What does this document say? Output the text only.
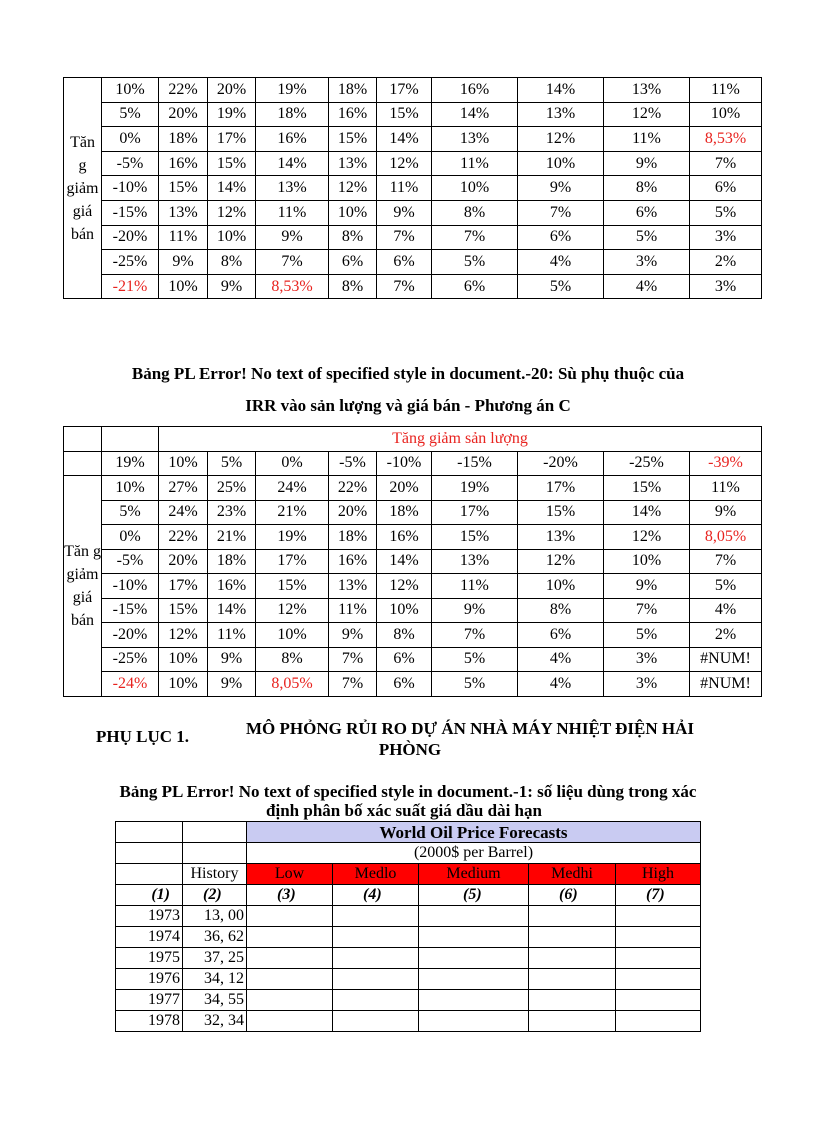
Tăn g giảm giá bán	10%	22%	20%	19%	18%	17%	16%	14%	13%	11%
	5%	20%	19%	18%	16%	15%	14%	13%	12%	10%
	0%	18%	17%	16%	15%	14%	13%	12%	11%	8,53%
	-5%	16%	15%	14%	13%	12%	11%	10%	9%	7%
	-10%	15%	14%	13%	12%	11%	10%	9%	8%	6%
	-15%	13%	12%	11%	10%	9%	8%	7%	6%	5%
	-20%	11%	10%	9%	8%	7%	7%	6%	5%	3%
	-25%	9%	8%	7%	6%	6%	5%	4%	3%	2%
	-21%	10%	9%	8,53%	8%	7%	6%	5%	4%	3%
Bảng PL Error! No text of specified style in document.-20: Sù phụ thuộc của
IRR vào sản lượng và giá bán - Phương án C
		Tăng giảm sản lượng								
	19%	10%	5%	0%	-5%	-10%	-15%	-20%	-25%	-39%
Tăn g giảm giá bán	10%	27%	25%	24%	22%	20%	19%	17%	15%	11%
	5%	24%	23%	21%	20%	18%	17%	15%	14%	9%
	0%	22%	21%	19%	18%	16%	15%	13%	12%	8,05%
	-5%	20%	18%	17%	16%	14%	13%	12%	10%	7%
	-10%	17%	16%	15%	13%	12%	11%	10%	9%	5%
	-15%	15%	14%	12%	11%	10%	9%	8%	7%	4%
	-20%	12%	11%	10%	9%	8%	7%	6%	5%	2%
	-25%	10%	9%	8%	7%	6%	5%	4%	3%	#NUM!
	-24%	10%	9%	8,05%	7%	6%	5%	4%	3%	#NUM!
PHỤ LỤC 1.	MÔ PHỎNG RỦI RO DỰ ÁN NHÀ MÁY NHIỆT ĐIỆN HẢI
PHÒNG
Bảng PL Error! No text of specified style in document.-1: số liệu dùng trong xác
định phân bố xác suất giá dầu dài hạn
		World Oil Price Forecasts				
		(2000$ per Barrel)				
	History	Low	Medlo	Medium	Medhi	High
(1)	(2)	(3)	(4)	(5)	(6)	(7)
1973	13, 00					
1974	36, 62					
1975	37, 25					
1976	34, 12					
1977	34, 55					
1978	32, 34					
